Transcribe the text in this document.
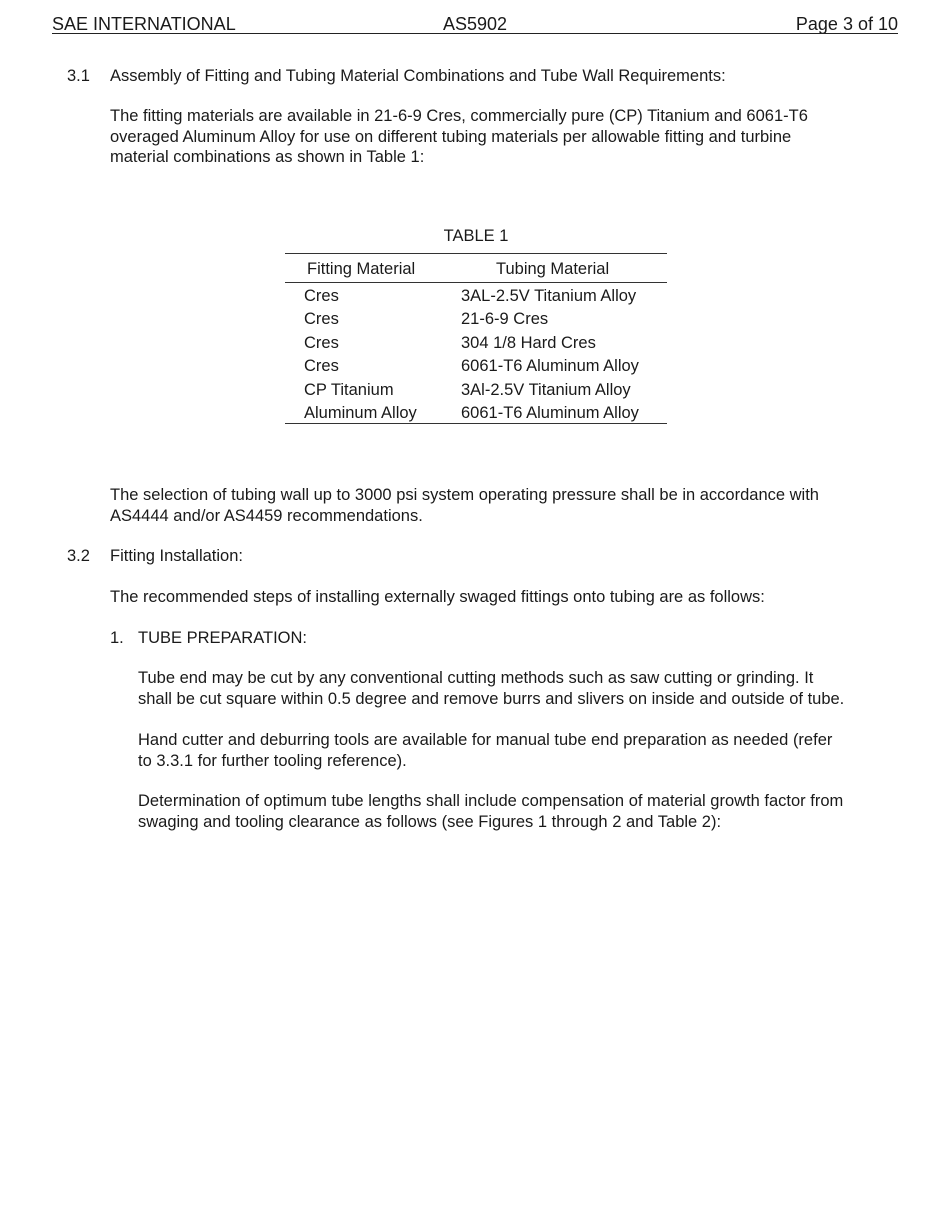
SAE INTERNATIONAL	AS5902	Page 3 of 10
3.1 Assembly of Fitting and Tubing Material Combinations and Tube Wall Requirements:
The fitting materials are available in 21-6-9 Cres, commercially pure (CP) Titanium and 6061-T6
overaged Aluminum Alloy for use on different tubing materials per allowable fitting and turbine
material combinations as shown in Table 1:
TABLE 1
Fitting Material	Tubing Material
Cres	3AL-2.5V Titanium Alloy
Cres	21-6-9 Cres
Cres	304 1/8 Hard Cres
Cres	6061-T6 Aluminum Alloy
CP Titanium	3Al-2.5V Titanium Alloy
Aluminum Alloy	6061-T6 Aluminum Alloy
The selection of tubing wall up to 3000 psi system operating pressure shall be in accordance with
AS4444 and/or AS4459 recommendations.
3.2 Fitting Installation:
The recommended steps of installing externally swaged fittings onto tubing are as follows:
1. TUBE PREPARATION:
Tube end may be cut by any conventional cutting methods such as saw cutting or grinding. It
shall be cut square within 0.5 degree and remove burrs and slivers on inside and outside of tube.
Hand cutter and deburring tools are available for manual tube end preparation as needed (refer
to 3.3.1 for further tooling reference).
Determination of optimum tube lengths shall include compensation of material growth factor from
swaging and tooling clearance as follows (see Figures 1 through 2 and Table 2):
